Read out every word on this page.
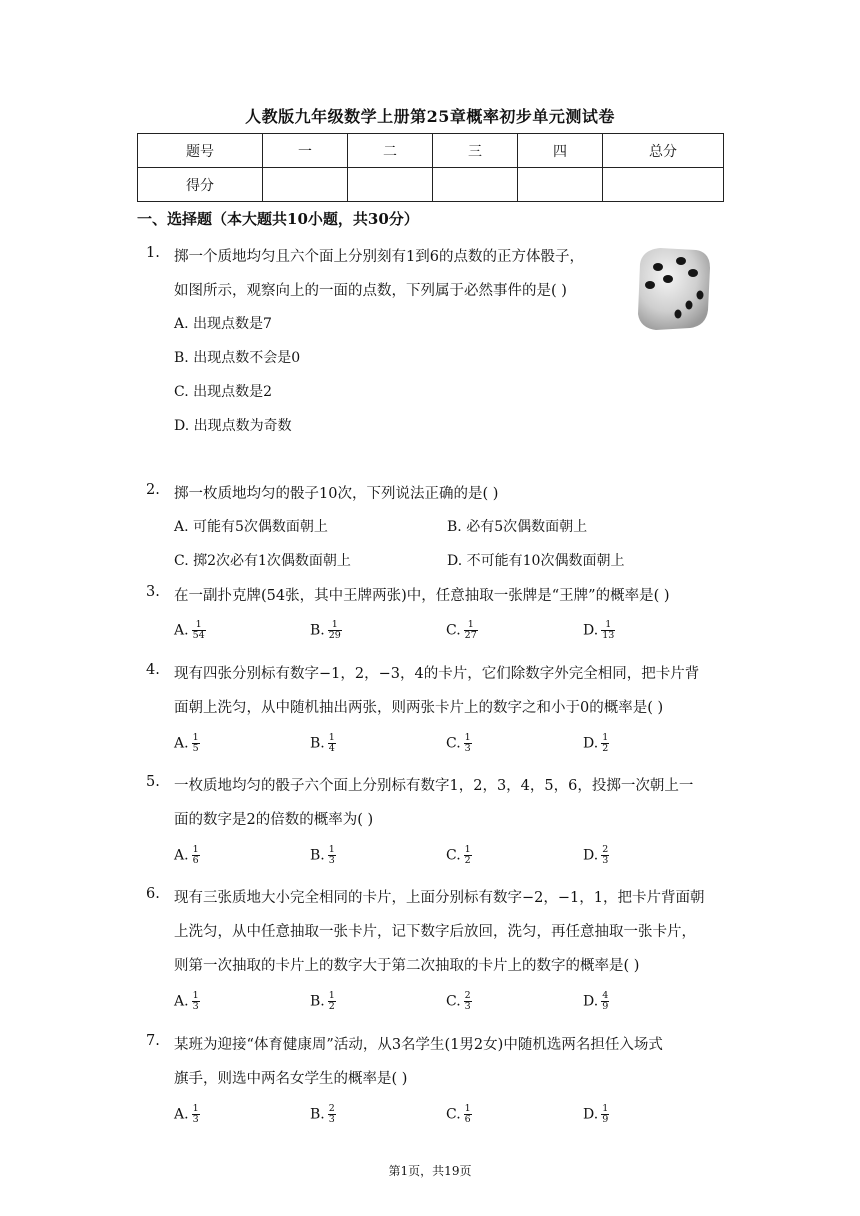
人教版九年级数学上册第25章概率初步单元测试卷
题号	一	二	三	四	总分
得分					
一、选择题（本大题共10小题，共30分）
1. 掷一个质地均匀且六个面上分别刻有1到6的点数的正方体骰子，
如图所示，观察向上的一面的点数，下列属于必然事件的是( )
A. 出现点数是7
B. 出现点数不会是0
C. 出现点数是2
D. 出现点数为奇数
2. 掷一枚质地均匀的骰子10次，下列说法正确的是( )
A. 可能有5次偶数面朝上	B. 必有5次偶数面朝上
C. 掷2次必有1次偶数面朝上	D. 不可能有10次偶数面朝上
3. 在一副扑克牌(54张，其中王牌两张)中，任意抽取一张牌是“王牌”的概率是( )
A. $\frac{1}{54}$	B. $\frac{1}{29}$	C. $\frac{1}{27}$	D. $\frac{1}{13}$
4. 现有四张分别标有数字−1，2，−3，4的卡片，它们除数字外完全相同，把卡片背
面朝上洗匀，从中随机抽出两张，则两张卡片上的数字之和小于0的概率是( )
A. $\frac{1}{5}$	B. $\frac{1}{4}$	C. $\frac{1}{3}$	D. $\frac{1}{2}$
5. 一枚质地均匀的骰子六个面上分别标有数字1，2，3，4，5，6，投掷一次朝上一
面的数字是2的倍数的概率为( )
A. $\frac{1}{6}$	B. $\frac{1}{3}$	C. $\frac{1}{2}$	D. $\frac{2}{3}$
6. 现有三张质地大小完全相同的卡片，上面分别标有数字−2，−1，1，把卡片背面朝
上洗匀，从中任意抽取一张卡片，记下数字后放回，洗匀，再任意抽取一张卡片，
则第一次抽取的卡片上的数字大于第二次抽取的卡片上的数字的概率是( )
A. $\frac{1}{3}$	B. $\frac{1}{2}$	C. $\frac{2}{3}$	D. $\frac{4}{9}$
7. 某班为迎接“体育健康周”活动，从3名学生(1男2女)中随机选两名担任入场式
旗手，则选中两名女学生的概率是( )
A. $\frac{1}{3}$	B. $\frac{2}{3}$	C. $\frac{1}{6}$	D. $\frac{1}{9}$
第1页，共19页
